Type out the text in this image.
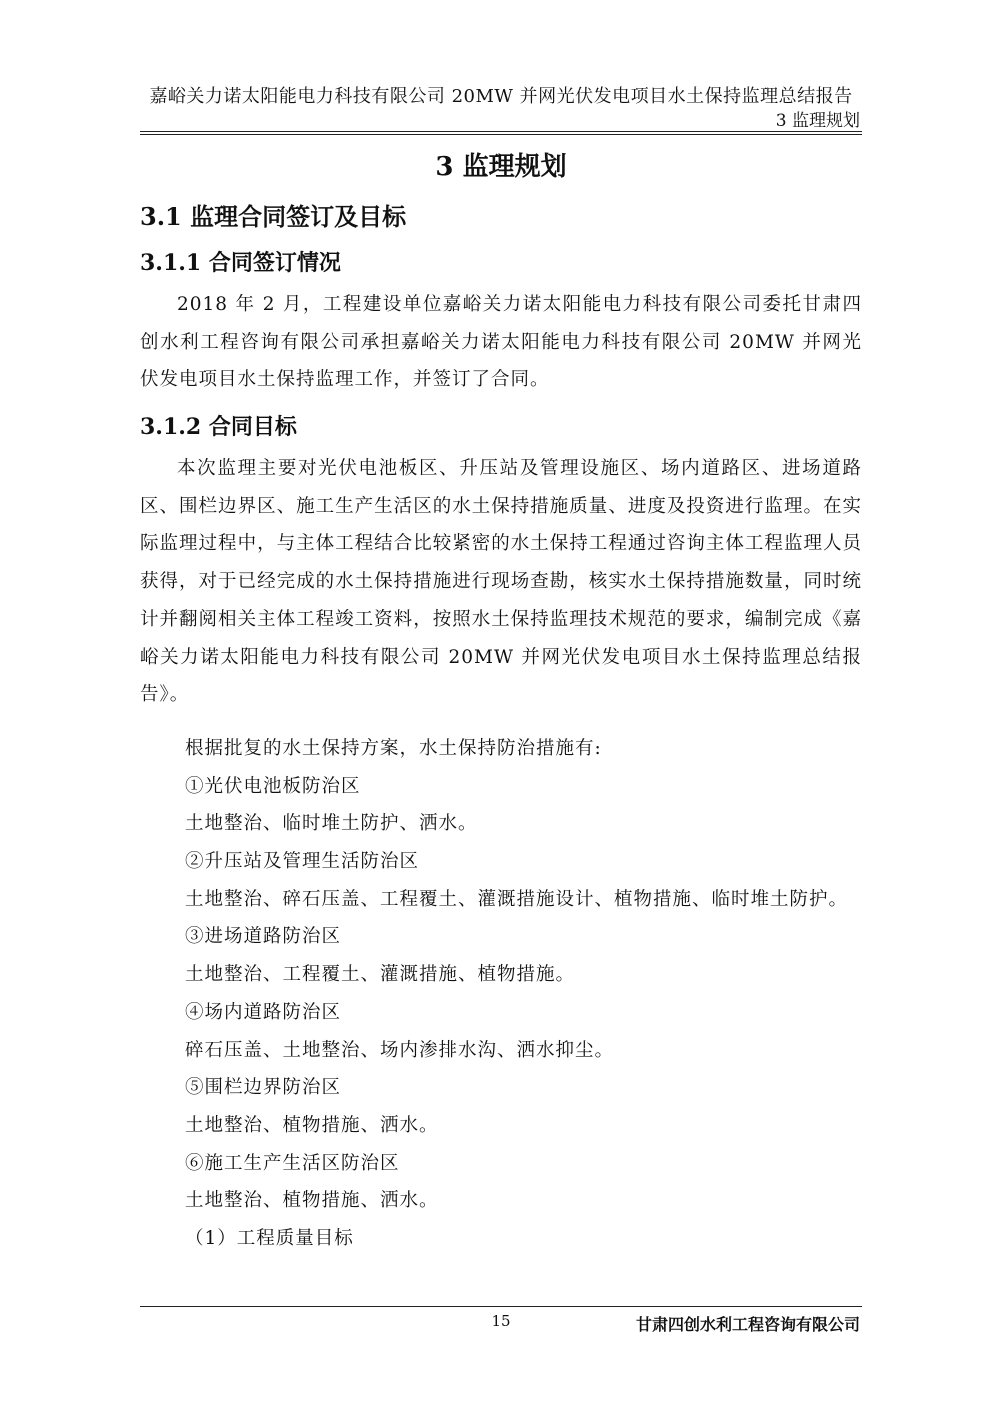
嘉峪关力诺太阳能电力科技有限公司 20MW 并网光伏发电项目水土保持监理总结报告
3 监理规划
3 监理规划
3.1 监理合同签订及目标
3.1.1 合同签订情况
2018 年 2 月，工程建设单位嘉峪关力诺太阳能电力科技有限公司委托甘肃四创水利工程咨询有限公司承担嘉峪关力诺太阳能电力科技有限公司 20MW 并网光伏发电项目水土保持监理工作，并签订了合同。
3.1.2 合同目标
本次监理主要对光伏电池板区、升压站及管理设施区、场内道路区、进场道路区、围栏边界区、施工生产生活区的水土保持措施质量、进度及投资进行监理。在实际监理过程中，与主体工程结合比较紧密的水土保持工程通过咨询主体工程监理人员获得，对于已经完成的水土保持措施进行现场查勘，核实水土保持措施数量，同时统计并翻阅相关主体工程竣工资料，按照水土保持监理技术规范的要求，编制完成《嘉峪关力诺太阳能电力科技有限公司 20MW 并网光伏发电项目水土保持监理总结报告》。
根据批复的水土保持方案，水土保持防治措施有:
①光伏电池板防治区
土地整治、临时堆土防护、洒水。
②升压站及管理生活防治区
土地整治、碎石压盖、工程覆土、灌溉措施设计、植物措施、临时堆土防护。
③进场道路防治区
土地整治、工程覆土、灌溉措施、植物措施。
④场内道路防治区
碎石压盖、土地整治、场内渗排水沟、洒水抑尘。
⑤围栏边界防治区
土地整治、植物措施、洒水。
⑥施工生产生活区防治区
土地整治、植物措施、洒水。
（1）工程质量目标
15	甘肃四创水利工程咨询有限公司
